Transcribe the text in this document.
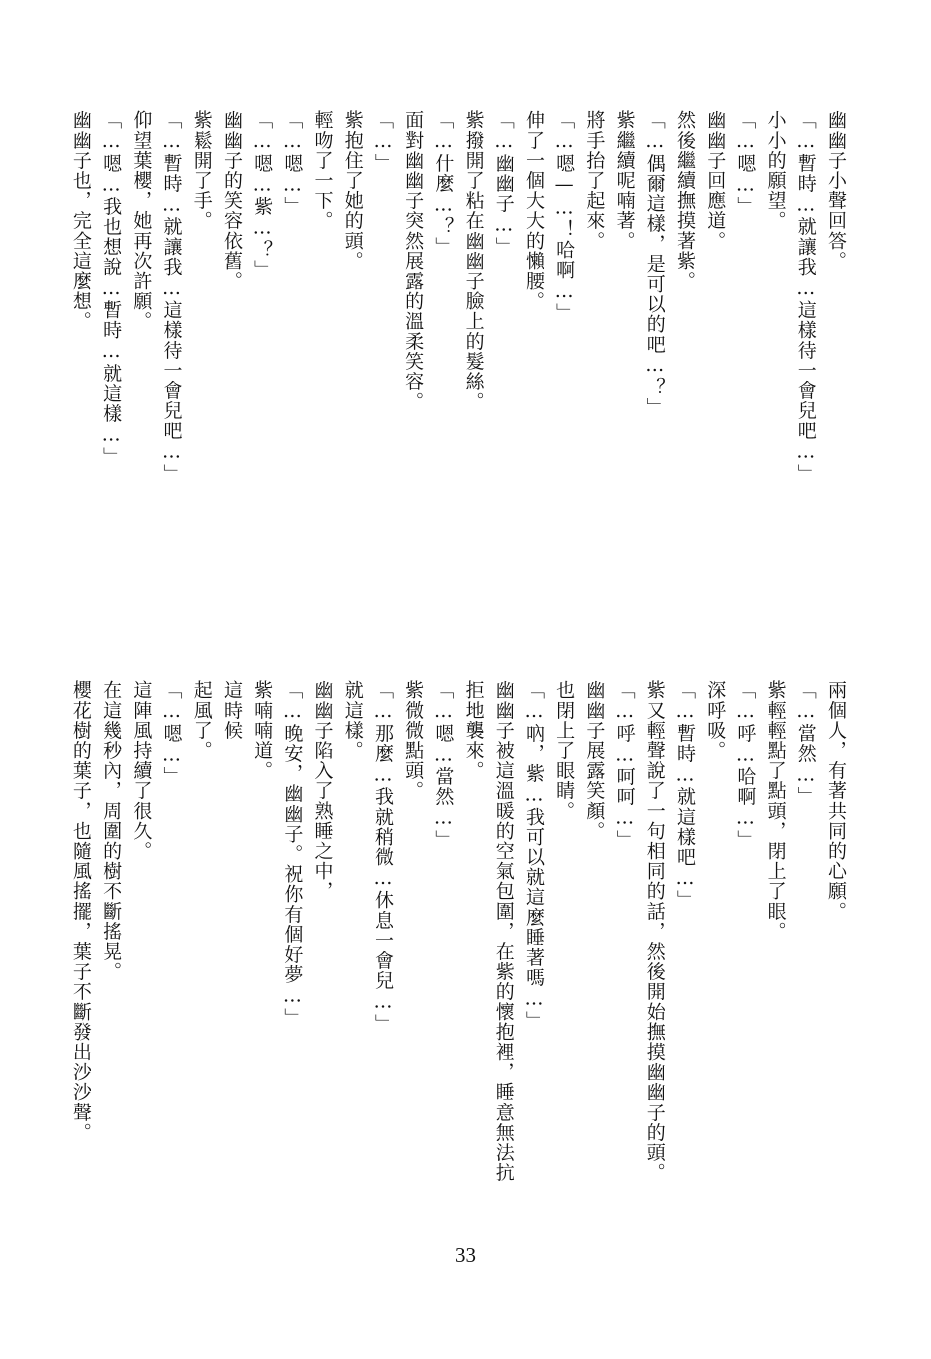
幽幽子小聲回答。
「…暫時…就讓我…這樣待一會兒吧…」
小小的願望。
「…嗯…」
幽幽子回應道。
然後繼續撫摸著紫。
「…偶爾這樣，是可以的吧…？」
紫繼續呢喃著。
將手抬了起來。
「…嗯—…！哈啊…」
伸了一個大大的懶腰。
「…幽幽子…」
紫撥開了粘在幽幽子臉上的髮絲。
「…什麼…？」
面對幽幽子突然展露的溫柔笑容。
「…」
紫抱住了她的頭。
輕吻了一下。
「…嗯…」
「…嗯…紫…？」
幽幽子的笑容依舊。
紫鬆開了手。
「…暫時…就讓我…這樣待一會兒吧…」
仰望葉櫻，她再次許願。
「…嗯…我也想說…暫時…就這樣…」
幽幽子也，完全這麼想。
兩個人，有著共同的心願。
「…當然…」
紫輕輕點了點頭，閉上了眼。
「…呼…哈啊…」
深呼吸。
「…暫時…就這樣吧…」
紫又輕聲說了一句相同的話，然後開始撫摸幽幽子的頭。
「…呼…呵呵…」
幽幽子展露笑顏。
也閉上了眼睛。
「…吶，紫…我可以就這麼睡著嗎…」
幽幽子被這溫暖的空氣包圍，在紫的懷抱裡，睡意無法抗
拒地襲來。
「…嗯…當然…」
紫微微點頭。
「…那麼…我就稍微…休息一會兒…」
就這樣。
幽幽子陷入了熟睡之中，
「…晚安，幽幽子。祝你有個好夢…」
紫喃喃道。
這時候
起風了。
「…嗯…」
這陣風持續了很久。
在這幾秒內，周圍的樹不斷搖晃。
櫻花樹的葉子，也隨風搖擺，葉子不斷發出沙沙聲。
33
